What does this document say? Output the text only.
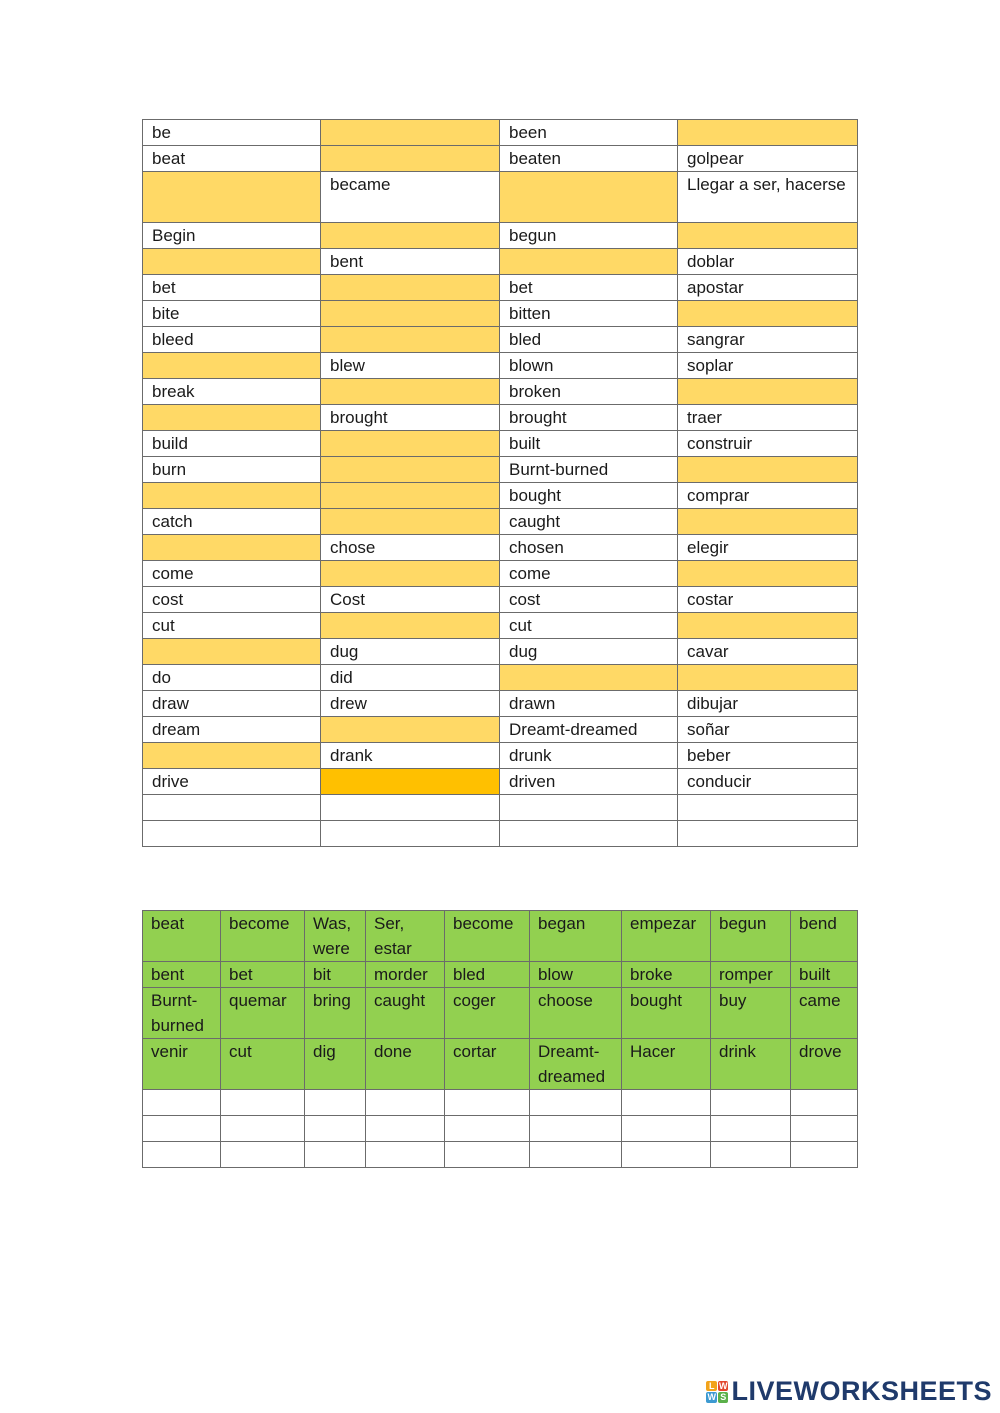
be		been	
beat		beaten	golpear
	became		Llegar a ser, hacerse
Begin		begun	
	bent		doblar
bet		bet	apostar
bite		bitten	
bleed		bled	sangrar
	blew	blown	soplar
break		broken	
	brought	brought	traer
build		built	construir
burn		Burnt-burned	
		bought	comprar
catch		caught	
	chose	chosen	elegir
come		come	
cost	Cost	cost	costar
cut		cut	
	dug	dug	cavar
do	did		
draw	drew	drawn	dibujar
dream		Dreamt-dreamed	soñar
	drank	drunk	beber
drive		driven	conducir

beat	become	Was, were	Ser, estar	become	began	empezar	begun	bend
bent	bet	bit	morder	bled	blow	broke	romper	built
Burnt-burned	quemar	bring	caught	coger	choose	bought	buy	came
venir	cut	dig	done	cortar	Dreamt-dreamed	Hacer	drink	drove

L W
W S LIVEWORKSHEETS
